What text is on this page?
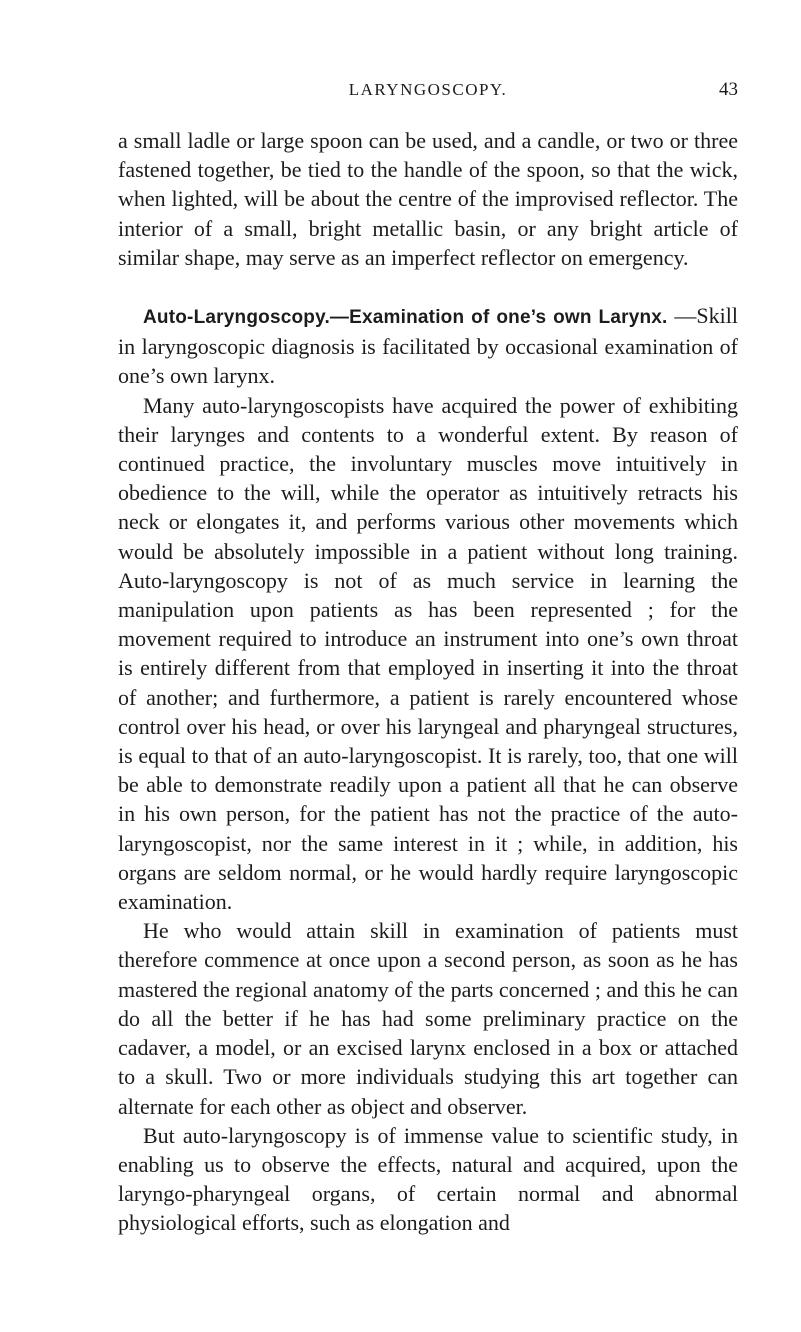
LARYNGOSCOPY.	43

a small ladle or large spoon can be used, and a candle, or two or three fastened together, be tied to the handle of the spoon, so that the wick, when lighted, will be about the centre of the improvised reflector. The interior of a small, bright metallic basin, or any bright article of similar shape, may serve as an imperfect reflector on emergency.

Auto-Laryngoscopy.—Examination of one’s own Larynx. —Skill in laryngoscopic diagnosis is facilitated by occasional examination of one’s own larynx.

Many auto-laryngoscopists have acquired the power of exhibiting their larynges and contents to a wonderful extent. By reason of continued practice, the involuntary muscles move intuitively in obedience to the will, while the operator as intuitively retracts his neck or elongates it, and performs various other movements which would be absolutely impossible in a patient without long training. Auto-laryngoscopy is not of as much service in learning the manipulation upon patients as has been represented ; for the movement required to introduce an instrument into one’s own throat is entirely different from that employed in inserting it into the throat of another; and furthermore, a patient is rarely encountered whose control over his head, or over his laryngeal and pharyngeal structures, is equal to that of an auto-laryngoscopist. It is rarely, too, that one will be able to demonstrate readily upon a patient all that he can observe in his own person, for the patient has not the practice of the auto-laryngoscopist, nor the same interest in it ; while, in addition, his organs are seldom normal, or he would hardly require laryngoscopic examination.

He who would attain skill in examination of patients must therefore commence at once upon a second person, as soon as he has mastered the regional anatomy of the parts concerned ; and this he can do all the better if he has had some preliminary practice on the cadaver, a model, or an excised larynx enclosed in a box or attached to a skull. Two or more individuals studying this art together can alternate for each other as object and observer.

But auto-laryngoscopy is of immense value to scientific study, in enabling us to observe the effects, natural and acquired, upon the laryngo-pharyngeal organs, of certain normal and abnormal physiological efforts, such as elongation and
